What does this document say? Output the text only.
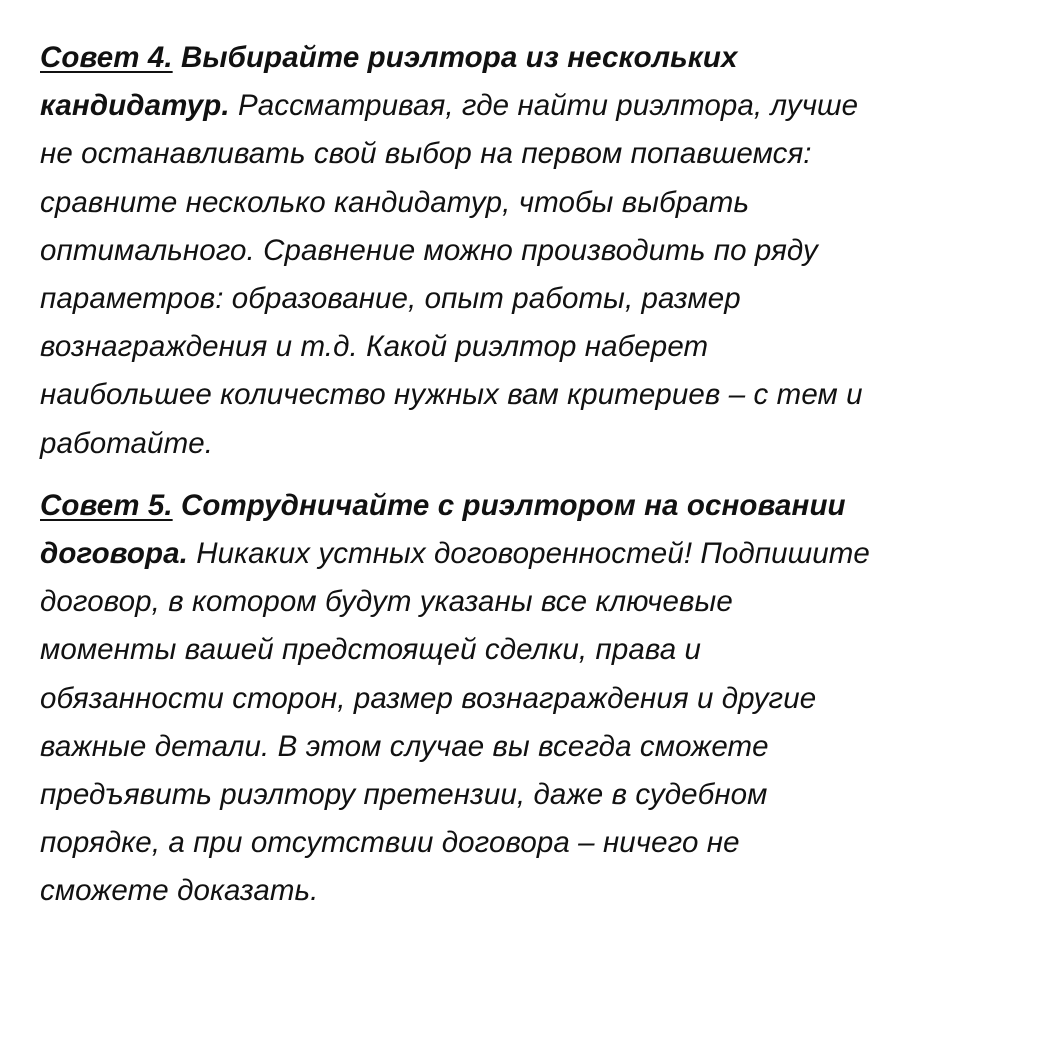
Совет 4. Выбирайте риэлтора из нескольких
кандидатур. Рассматривая, где найти риэлтора, лучше
не останавливать свой выбор на первом попавшемся:
сравните несколько кандидатур, чтобы выбрать
оптимального. Сравнение можно производить по ряду
параметров: образование, опыт работы, размер
вознаграждения и т.д. Какой риэлтор наберет
наибольшее количество нужных вам критериев – с тем и
работайте.

Совет 5. Сотрудничайте с риэлтором на основании
договора. Никаких устных договоренностей! Подпишите
договор, в котором будут указаны все ключевые
моменты вашей предстоящей сделки, права и
обязанности сторон, размер вознаграждения и другие
важные детали. В этом случае вы всегда сможете
предъявить риэлтору претензии, даже в судебном
порядке, а при отсутствии договора – ничего не
сможете доказать.
